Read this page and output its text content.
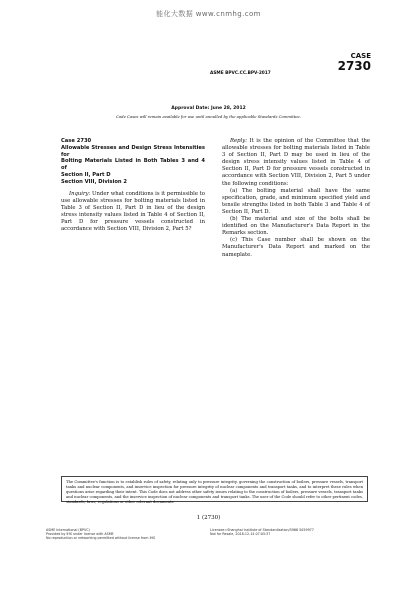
能化大数据 www.cnmhg.com
ASME BPVC.CC.BPV-2017
CASE
2730
Approval Date: June 28, 2012
Code Cases will remain available for use until annulled by the applicable Standards Committee.
Case 2730
Allowable Stresses and Design Stress Intensities for
Bolting Materials Listed in Both Tables 3 and 4 of
Section II, Part D
Section VIII, Division 2

Inquiry: Under what conditions is it permissible to use allowable stresses for bolting materials listed in Table 3 of Section II, Part D in lieu of the design stress intensity values listed in Table 4 of Section II, Part D for pressure vessels constructed in accordance with Section VIII, Division 2, Part 5?

Reply: It is the opinion of the Committee that the allowable stresses for bolting materials listed in Table 3 of Section II, Part D may be used in lieu of the design stress intensity values listed in Table 4 of Section II, Part D for pressure vessels constructed in accordance with Section VIII, Division 2, Part 5 under the following conditions:

(a) The bolting material shall have the same specification, grade, and minimum specified yield and tensile strengths listed in both Table 3 and Table 4 of Section II, Part D.

(b) The material and size of the bolts shall be identified on the Manufacturer's Data Report in the Remarks section.

(c) This Case number shall be shown on the Manufacturer's Data Report and marked on the nameplate.

The Committee's function is to establish rules of safety, relating only to pressure integrity, governing the construction of boilers, pressure vessels, transport tanks and nuclear components, and inservice inspection for pressure integrity of nuclear components and transport tanks, and to interpret these rules when questions arise regarding their intent. This Code does not address other safety issues relating to the construction of boilers, pressure vessels, transport tanks and nuclear components, and the inservice inspection of nuclear components and transport tanks. The user of the Code should refer to other pertinent codes, standards, laws, regulations or other relevant documents.
1 (2730)
ASME International (BPVC)
Provided by IHS under license with ASME
No reproduction or networking permitted without license from IHS
Licensee=Shanghai Institute of Standardization/5966 5059977
Not for Resale, 2018-12-14 07:05:37
